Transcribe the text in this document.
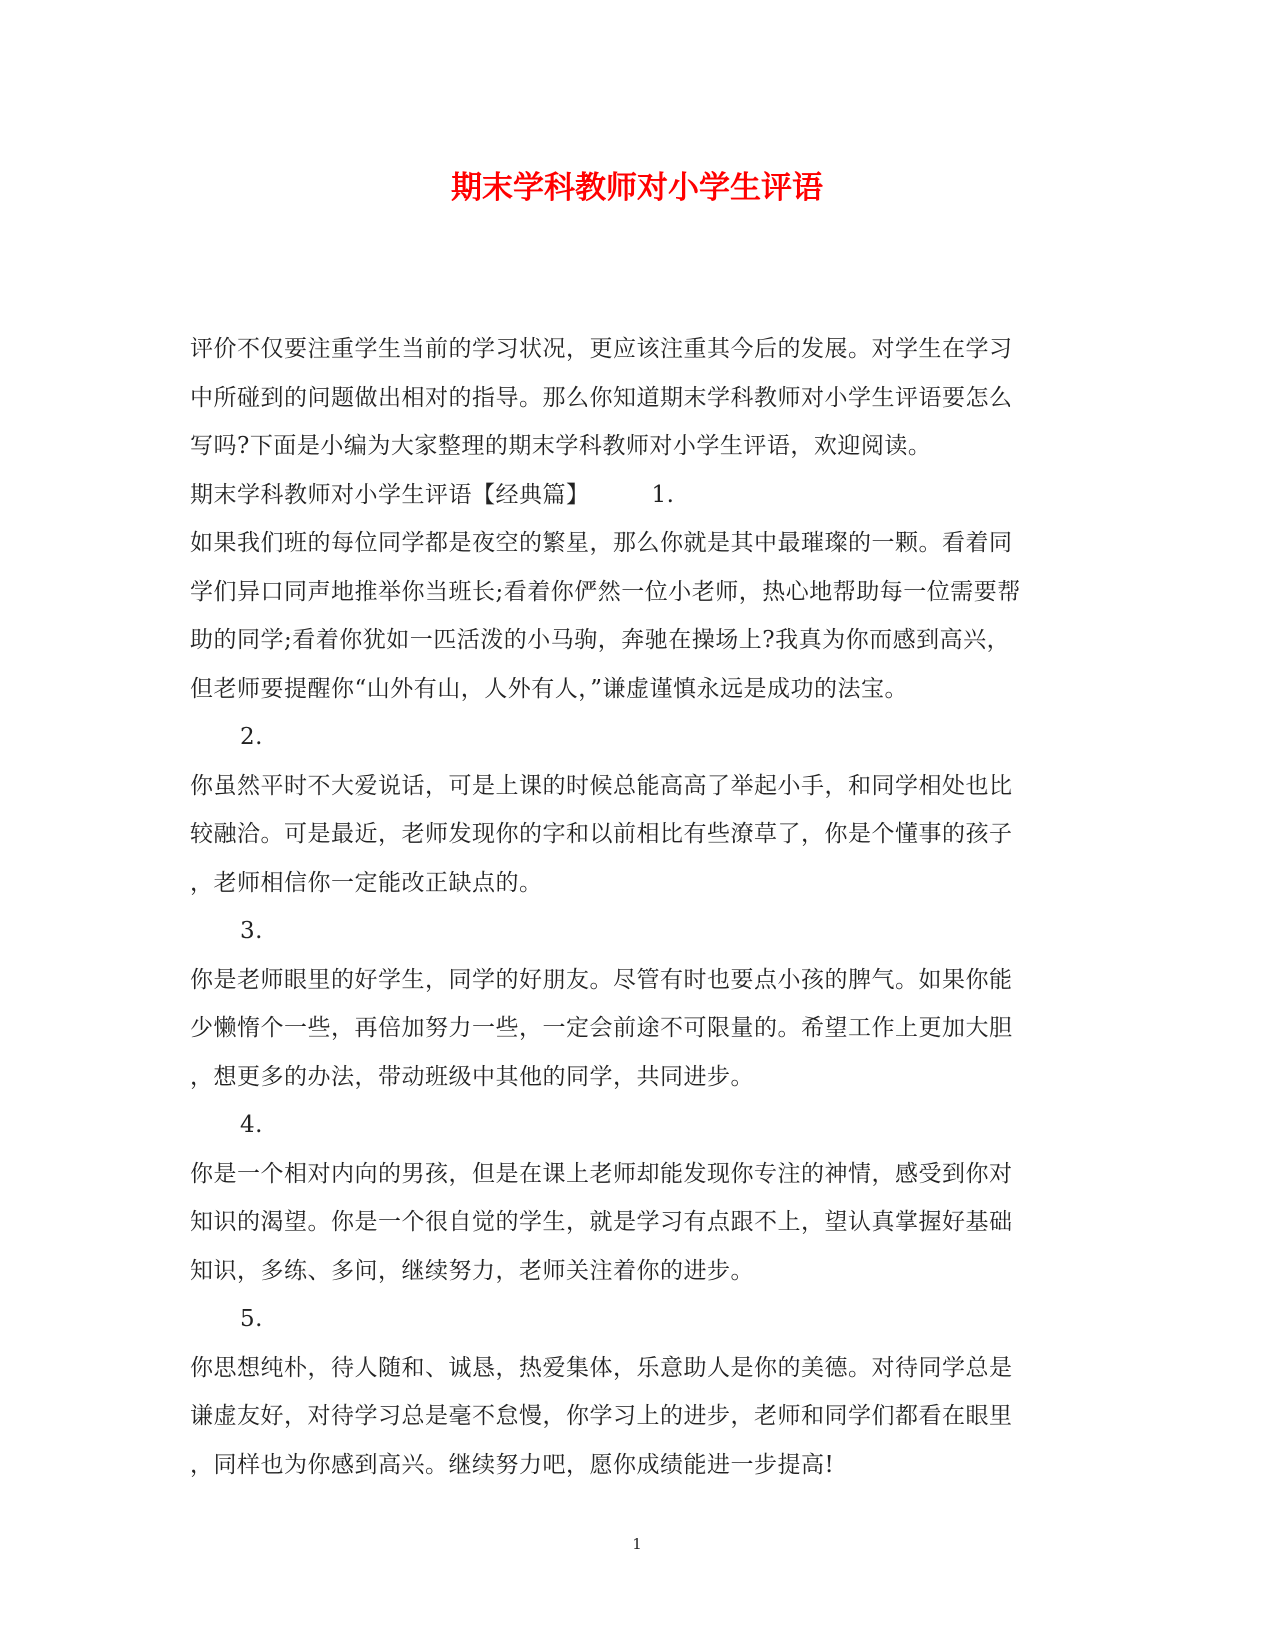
期末学科教师对小学生评语
评价不仅要注重学生当前的学习状况，更应该注重其今后的发展。对学生在学习
中所碰到的问题做出相对的指导。那么你知道期末学科教师对小学生评语要怎么
写吗?下面是小编为大家整理的期末学科教师对小学生评语，欢迎阅读。
期末学科教师对小学生评语【经典篇】	1.
如果我们班的每位同学都是夜空的繁星，那么你就是其中最璀璨的一颗。看着同
学们异口同声地推举你当班长;看着你俨然一位小老师，热心地帮助每一位需要帮
助的同学;看着你犹如一匹活泼的小马驹，奔驰在操场上?我真为你而感到高兴，
但老师要提醒你“山外有山，人外有人，”谦虚谨慎永远是成功的法宝。
2.
你虽然平时不大爱说话，可是上课的时候总能高高了举起小手，和同学相处也比
较融洽。可是最近，老师发现你的字和以前相比有些潦草了，你是个懂事的孩子
，老师相信你一定能改正缺点的。
3.
你是老师眼里的好学生，同学的好朋友。尽管有时也要点小孩的脾气。如果你能
少懒惰个一些，再倍加努力一些，一定会前途不可限量的。希望工作上更加大胆
，想更多的办法，带动班级中其他的同学，共同进步。
4.
你是一个相对内向的男孩，但是在课上老师却能发现你专注的神情，感受到你对
知识的渴望。你是一个很自觉的学生，就是学习有点跟不上，望认真掌握好基础
知识，多练、多问，继续努力，老师关注着你的进步。
5.
你思想纯朴，待人随和、诚恳，热爱集体，乐意助人是你的美德。对待同学总是
谦虚友好，对待学习总是毫不怠慢，你学习上的进步，老师和同学们都看在眼里
，同样也为你感到高兴。继续努力吧，愿你成绩能进一步提高!
1
